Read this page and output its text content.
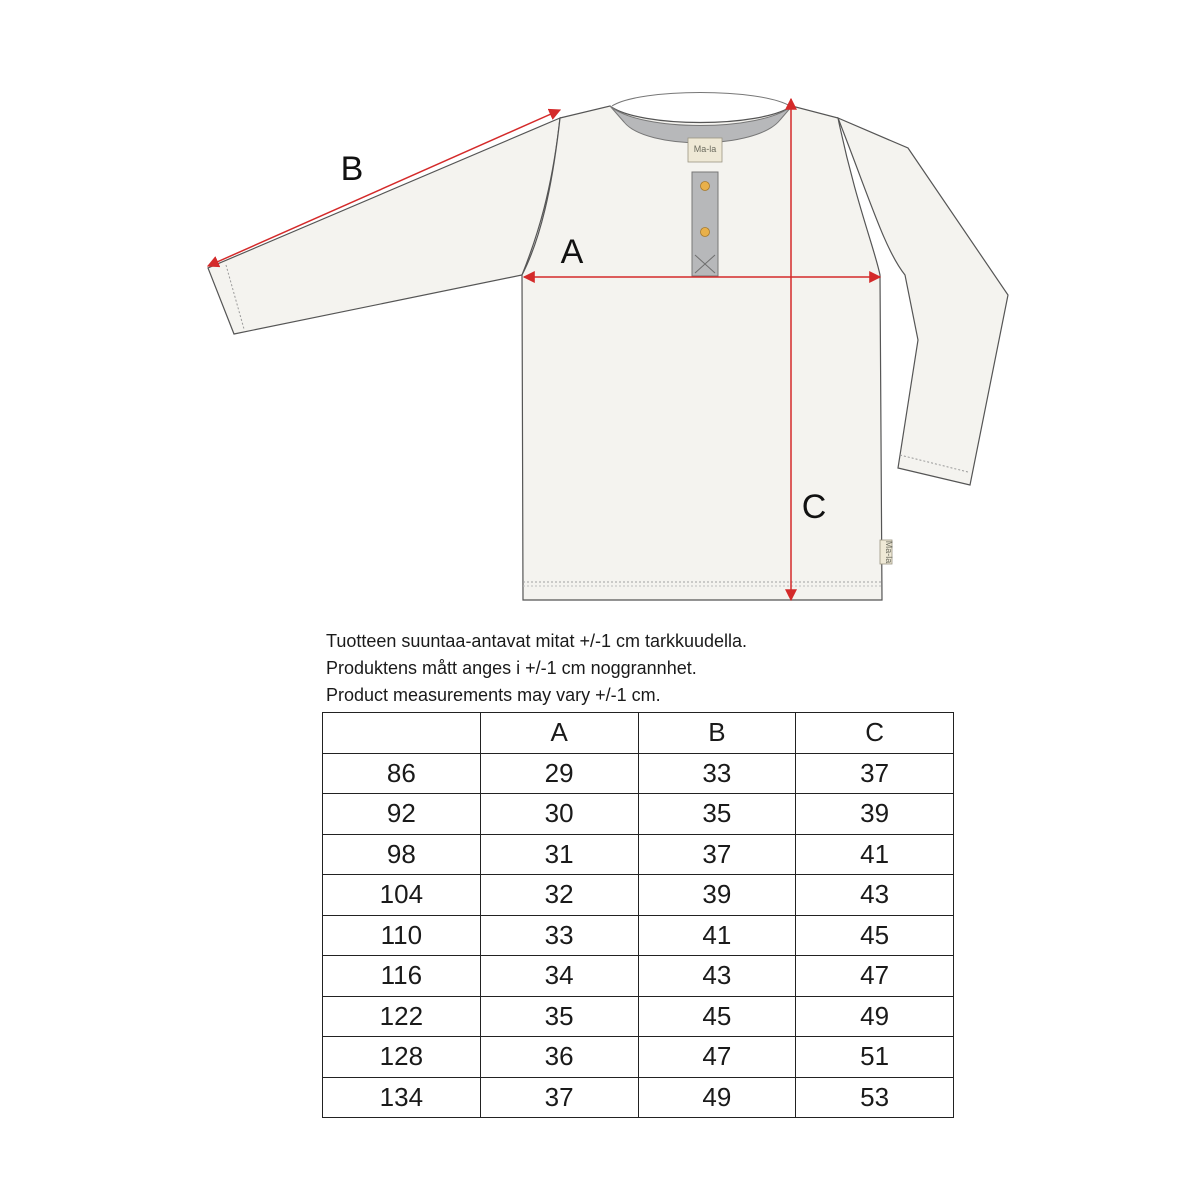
Ma-la
Ma-la
B
A
C
Tuotteen suuntaa-antavat mitat +/-1 cm tarkkuudella.
Produktens mått anges i +/-1 cm noggrannhet.
Product measurements may vary +/-1 cm.
	A	B	C
86	29	33	37
92	30	35	39
98	31	37	41
104	32	39	43
110	33	41	45
116	34	43	47
122	35	45	49
128	36	47	51
134	37	49	53
